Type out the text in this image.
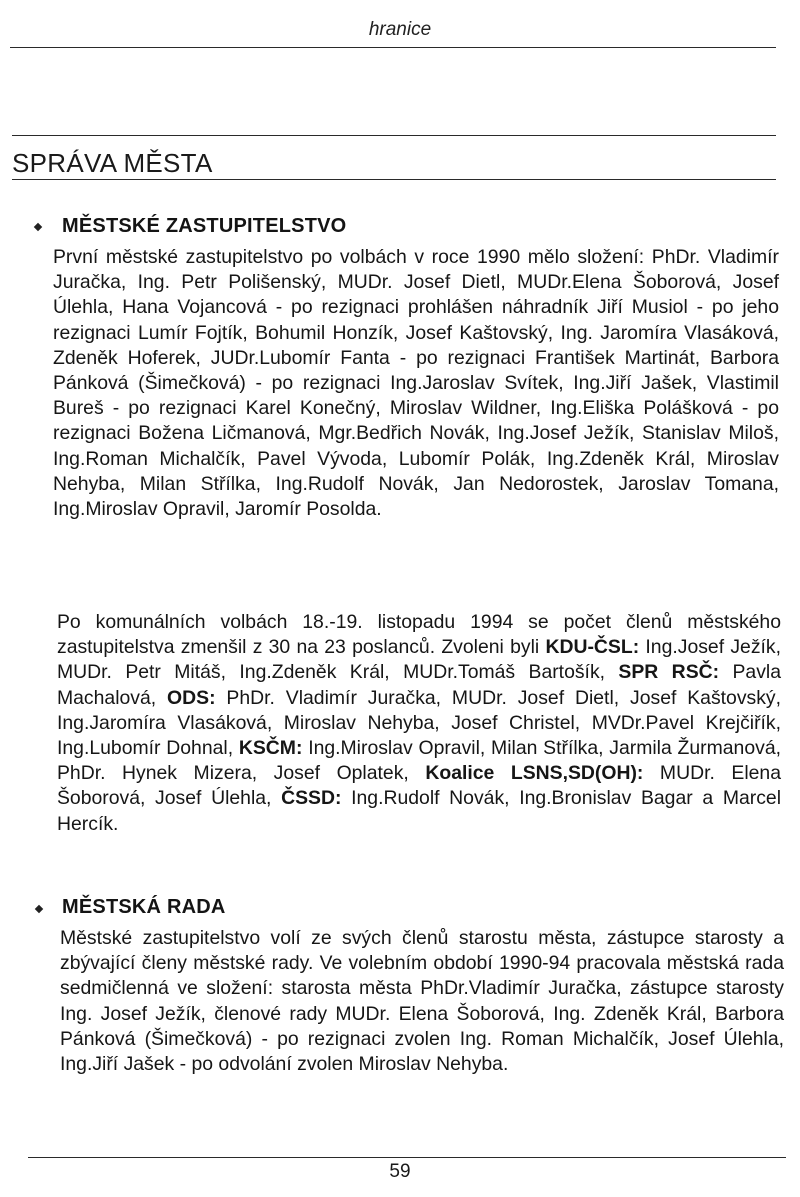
hranice
SPRÁVA MĚSTA
MĚSTSKÉ ZASTUPITELSTVO

První městské zastupitelstvo po volbách v roce 1990 mělo složení: PhDr. Vladimír Juračka, Ing. Petr Polišenský, MUDr. Josef Dietl, MUDr.Elena Šoborová, Josef Úlehla, Hana Vojancová - po rezignaci prohlášen náhradník Jiří Musiol - po jeho rezignaci Lumír Fojtík, Bohumil Honzík, Josef Kaštovský, Ing. Jaromíra Vlasáková, Zdeněk Hoferek, JUDr.Lubomír Fanta - po rezignaci František Martinát, Barbora Pánková (Šimečková) - po rezignaci Ing.Jaroslav Svítek, Ing.Jiří Jašek, Vlastimil Bureš - po rezignaci Karel Konečný, Miroslav Wildner, Ing.Eliška Polášková - po rezignaci Božena Ličmanová, Mgr.Bedřich Novák, Ing.Josef Ježík, Stanislav Miloš, Ing.Roman Michalčík, Pavel Vývoda, Lubomír Polák, Ing.Zdeněk Král, Miroslav Nehyba, Milan Střílka, Ing.Rudolf Novák, Jan Nedorostek, Jaroslav Tomana, Ing.Miroslav Opravil, Jaromír Posolda.

Po komunálních volbách 18.-19. listopadu 1994 se počet členů městského zastupitelstva zmenšil z 30 na 23 poslanců. Zvoleni byli KDU-ČSL: Ing.Josef Ježík, MUDr. Petr Mitáš, Ing.Zdeněk Král, MUDr.Tomáš Bartošík, SPR RSČ: Pavla Machalová, ODS: PhDr. Vladimír Juračka, MUDr. Josef Dietl, Josef Kaštovský, Ing.Jaromíra Vlasáková, Miroslav Nehyba, Josef Christel, MVDr.Pavel Krejčiřík, Ing.Lubomír Dohnal, KSČM: Ing.Miroslav Opravil, Milan Střílka, Jarmila Žurmanová, PhDr. Hynek Mizera, Josef Oplatek, Koalice LSNS,SD(OH): MUDr. Elena Šoborová, Josef Úlehla, ČSSD: Ing.Rudolf Novák, Ing.Bronislav Bagar a Marcel Hercík.

MĚSTSKÁ RADA

Městské zastupitelstvo volí ze svých členů starostu města, zástupce starosty a zbývající členy městské rady. Ve volebním období 1990-94 pracovala městská rada sedmičlenná ve složení: starosta města PhDr.Vladimír Juračka, zástupce starosty Ing. Josef Ježík, členové rady MUDr. Elena Šoborová, Ing. Zdeněk Král, Barbora Pánková (Šimečková) - po rezignaci zvolen Ing. Roman Michalčík, Josef Úlehla, Ing.Jiří Jašek - po odvolání zvolen Miroslav Nehyba.

59
